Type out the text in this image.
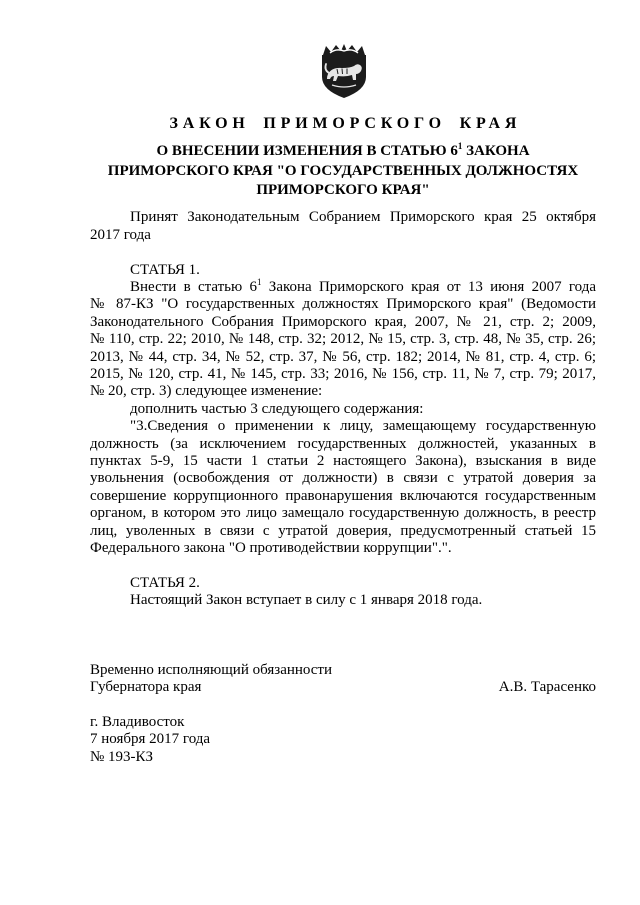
ЗАКОН ПРИМОРСКОГО КРАЯ
О ВНЕСЕНИИ ИЗМЕНЕНИЯ В СТАТЬЮ $6^1$ ЗАКОНА
ПРИМОРСКОГО КРАЯ "О ГОСУДАРСТВЕННЫХ ДОЛЖНОСТЯХ
ПРИМОРСКОГО КРАЯ"
Принят Законодательным Собранием Приморского края 25 октября
2017 года
СТАТЬЯ 1.
Внести в статью $6^1$ Закона Приморского края от 13 июня 2007 года
№ 87-КЗ "О государственных должностях Приморского края" (Ведомости
Законодательного Собрания Приморского края, 2007, № 21, стр. 2; 2009,
№ 110, стр. 22; 2010, № 148, стр. 32; 2012, № 15, стр. 3, стр. 48, № 35, стр. 26;
2013, № 44, стр. 34, № 52, стр. 37, № 56, стр. 182; 2014, № 81, стр. 4, стр. 6;
2015, № 120, стр. 41, № 145, стр. 33; 2016, № 156, стр. 11, № 7, стр. 79; 2017,
№ 20, стр. 3) следующее изменение:
дополнить частью 3 следующего содержания:
"3.Сведения о применении к лицу, замещающему государственную
должность (за исключением государственных должностей, указанных в
пунктах 5-9, 15 части 1 статьи 2 настоящего Закона), взыскания в виде
увольнения (освобождения от должности) в связи с утратой доверия за
совершение коррупционного правонарушения включаются государственным
органом, в котором это лицо замещало государственную должность, в реестр
лиц, уволенных в связи с утратой доверия, предусмотренный статьей 15
Федерального закона "О противодействии коррупции".".
СТАТЬЯ 2.
Настоящий Закон вступает в силу с 1 января 2018 года.
Временно исполняющий обязанности
Губернатора края	А.В. Тарасенко
г. Владивосток
7 ноября 2017 года
№ 193-КЗ
